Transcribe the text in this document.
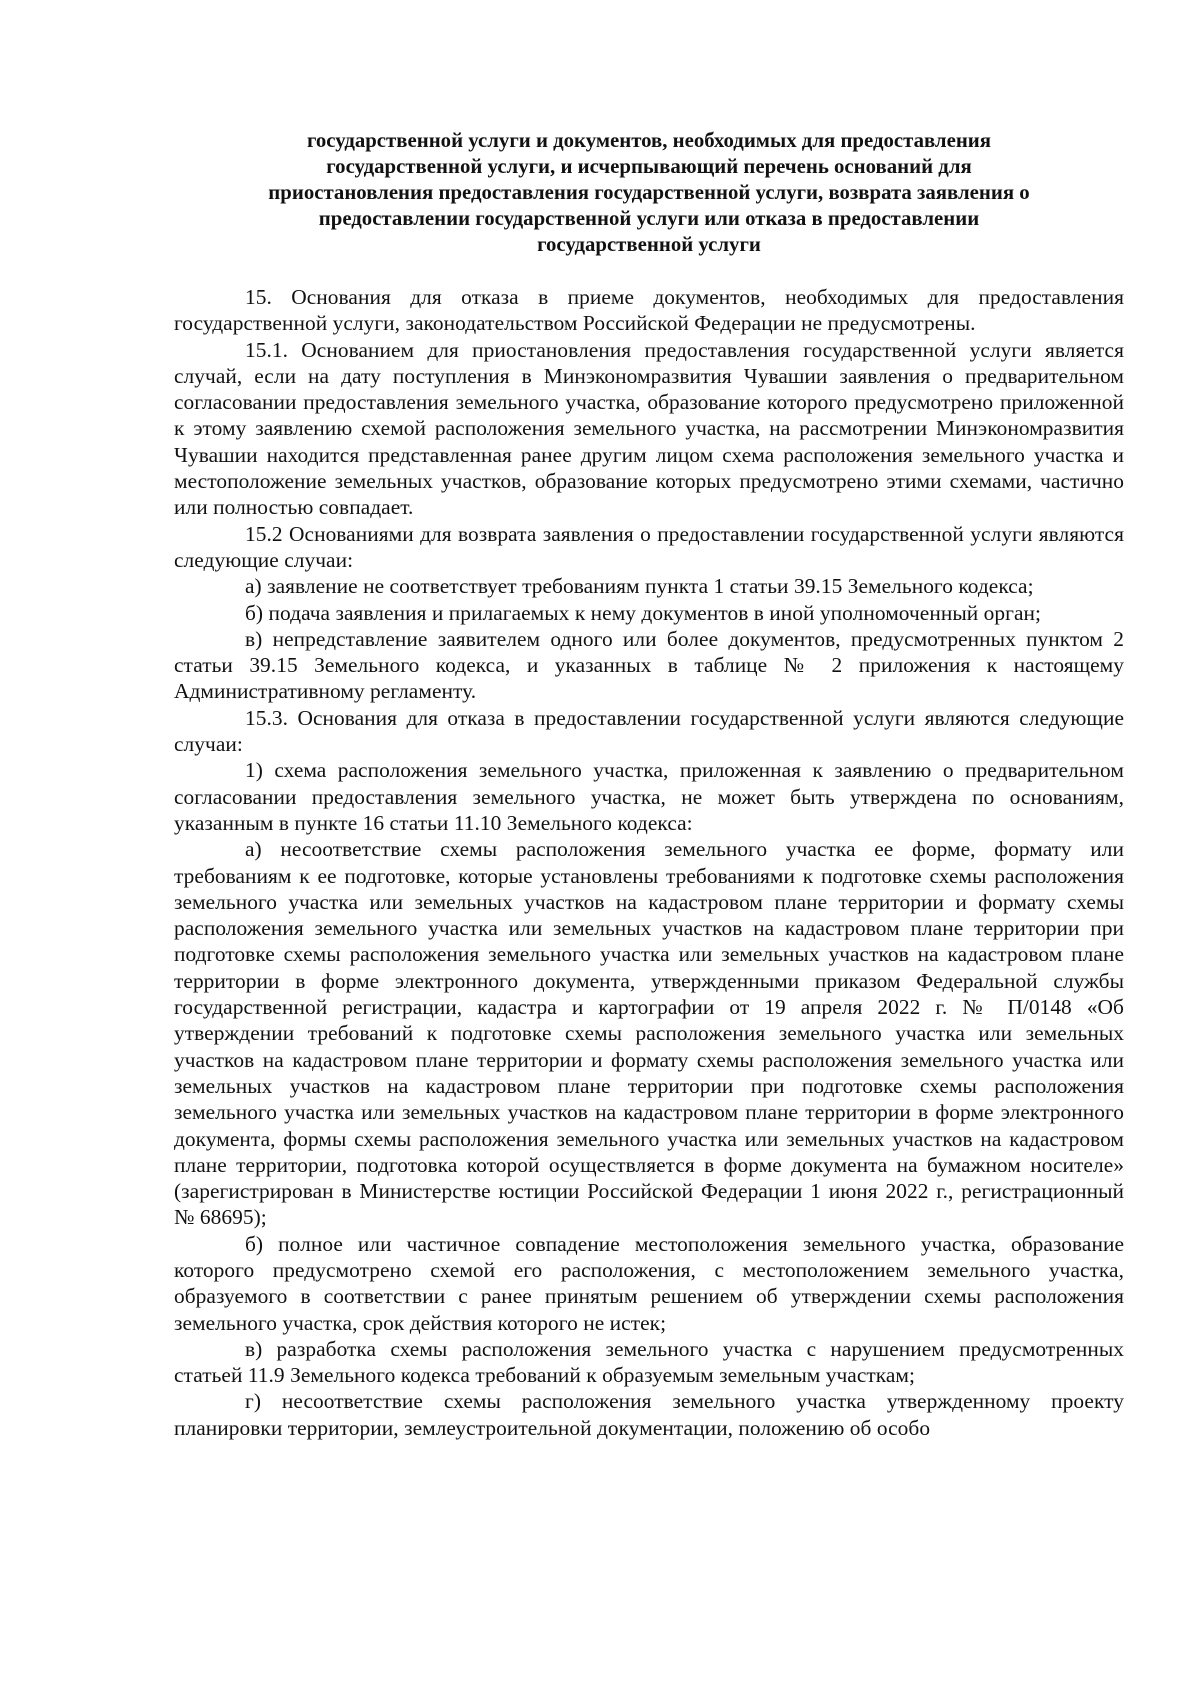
государственной услуги и документов, необходимых для предоставления
государственной услуги, и исчерпывающий перечень оснований для
приостановления предоставления государственной услуги, возврата заявления о
предоставлении государственной услуги или отказа в предоставлении
государственной услуги

15. Основания для отказа в приеме документов, необходимых для предоставления государственной услуги, законодательством Российской Федерации не предусмотрены.

15.1. Основанием для приостановления предоставления государственной услуги является случай, если на дату поступления в Минэкономразвития Чувашии заявления о предварительном согласовании предоставления земельного участка, образование которого предусмотрено приложенной к этому заявлению схемой расположения земельного участка, на рассмотрении Минэкономразвития Чувашии находится представленная ранее другим лицом схема расположения земельного участка и местоположение земельных участков, образование которых предусмотрено этими схемами, частично или полностью совпадает.

15.2 Основаниями для возврата заявления о предоставлении государственной услуги являются следующие случаи:

а) заявление не соответствует требованиям пункта 1 статьи 39.15 Земельного кодекса;

б) подача заявления и прилагаемых к нему документов в иной уполномоченный орган;

в) непредставление заявителем одного или более документов, предусмотренных пунктом 2 статьи 39.15 Земельного кодекса, и указанных в таблице № 2 приложения к настоящему Административному регламенту.

15.3. Основания для отказа в предоставлении государственной услуги являются следующие случаи:

1) схема расположения земельного участка, приложенная к заявлению о предварительном согласовании предоставления земельного участка, не может быть утверждена по основаниям, указанным в пункте 16 статьи 11.10 Земельного кодекса:

а) несоответствие схемы расположения земельного участка ее форме, формату или требованиям к ее подготовке, которые установлены требованиями к подготовке схемы расположения земельного участка или земельных участков на кадастровом плане территории и формату схемы расположения земельного участка или земельных участков на кадастровом плане территории при подготовке схемы расположения земельного участка или земельных участков на кадастровом плане территории в форме электронного документа, утвержденными приказом Федеральной службы государственной регистрации, кадастра и картографии от 19 апреля 2022 г. № П/0148 «Об утверждении требований к подготовке схемы расположения земельного участка или земельных участков на кадастровом плане территории и формату схемы расположения земельного участка или земельных участков на кадастровом плане территории при подготовке схемы расположения земельного участка или земельных участков на кадастровом плане территории в форме электронного документа, формы схемы расположения земельного участка или земельных участков на кадастровом плане территории, подготовка которой осуществляется в форме документа на бумажном носителе» (зарегистрирован в Министерстве юстиции Российской Федерации 1 июня 2022 г., регистрационный № 68695);

б) полное или частичное совпадение местоположения земельного участка, образование которого предусмотрено схемой его расположения, с местоположением земельного участка, образуемого в соответствии с ранее принятым решением об утверждении схемы расположения земельного участка, срок действия которого не истек;

в) разработка схемы расположения земельного участка с нарушением предусмотренных статьей 11.9 Земельного кодекса требований к образуемым земельным участкам;

г) несоответствие схемы расположения земельного участка утвержденному проекту планировки территории, землеустроительной документации, положению об особо
